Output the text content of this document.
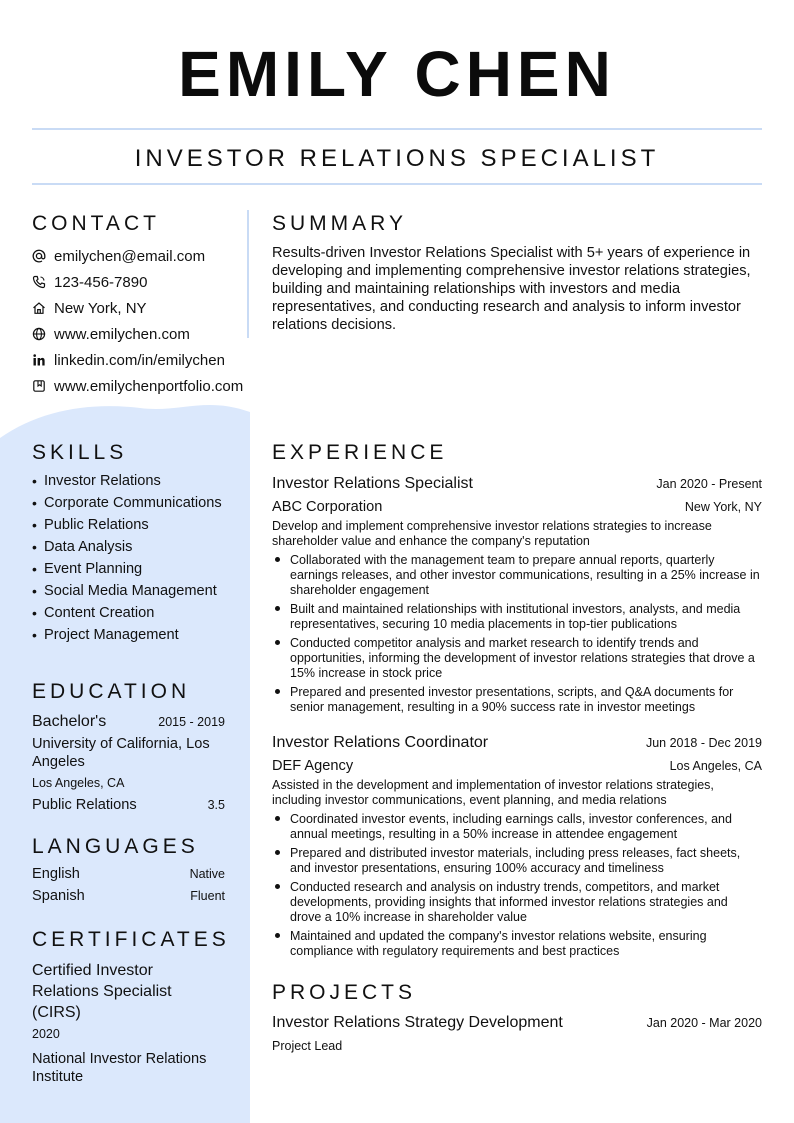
EMILY CHEN
INVESTOR RELATIONS SPECIALIST
CONTACT
emilychen@email.com
123-456-7890
New York, NY
www.emilychen.com
linkedin.com/in/emilychen
www.emilychenportfolio.com
SUMMARY
Results-driven Investor Relations Specialist with 5+ years of experience in developing and implementing comprehensive investor relations strategies, building and maintaining relationships with investors and media representatives, and conducting research and analysis to inform investor relations decisions.
SKILLS
• Investor Relations
• Corporate Communications
• Public Relations
• Data Analysis
• Event Planning
• Social Media Management
• Content Creation
• Project Management
EDUCATION
Bachelor's	2015 - 2019
University of California, Los Angeles
Los Angeles, CA
Public Relations	3.5
LANGUAGES
English	Native
Spanish	Fluent
CERTIFICATES
Certified Investor Relations Specialist (CIRS)
2020
National Investor Relations Institute
EXPERIENCE
Investor Relations Specialist	Jan 2020 - Present
ABC Corporation	New York, NY
Develop and implement comprehensive investor relations strategies to increase shareholder value and enhance the company's reputation
Collaborated with the management team to prepare annual reports, quarterly earnings releases, and other investor communications, resulting in a 25% increase in shareholder engagement
Built and maintained relationships with institutional investors, analysts, and media representatives, securing 10 media placements in top-tier publications
Conducted competitor analysis and market research to identify trends and opportunities, informing the development of investor relations strategies that drove a 15% increase in stock price
Prepared and presented investor presentations, scripts, and Q&A documents for senior management, resulting in a 90% success rate in investor meetings
Investor Relations Coordinator	Jun 2018 - Dec 2019
DEF Agency	Los Angeles, CA
Assisted in the development and implementation of investor relations strategies, including investor communications, event planning, and media relations
Coordinated investor events, including earnings calls, investor conferences, and annual meetings, resulting in a 50% increase in attendee engagement
Prepared and distributed investor materials, including press releases, fact sheets, and investor presentations, ensuring 100% accuracy and timeliness
Conducted research and analysis on industry trends, competitors, and market developments, providing insights that informed investor relations strategies and drove a 10% increase in shareholder value
Maintained and updated the company's investor relations website, ensuring compliance with regulatory requirements and best practices
PROJECTS
Investor Relations Strategy Development	Jan 2020 - Mar 2020
Project Lead
